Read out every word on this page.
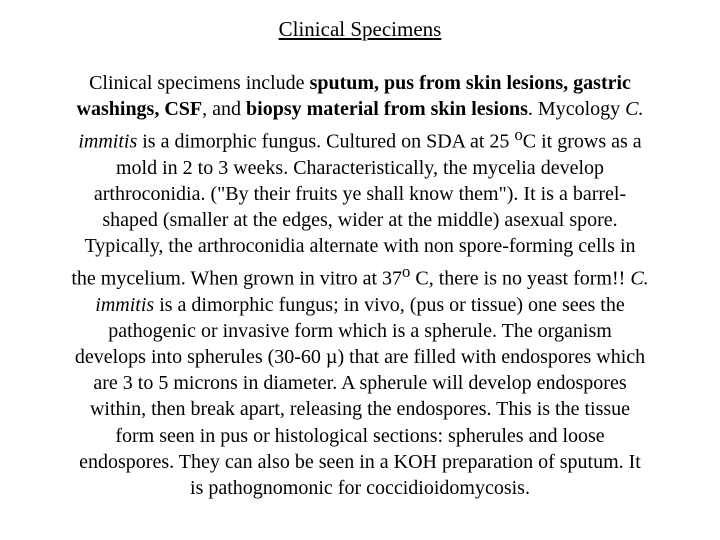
Clinical Specimens
Clinical specimens include sputum, pus from skin lesions, gastric
washings, CSF, and biopsy material from skin lesions. Mycology C.
immitis is a dimorphic fungus. Cultured on SDA at 25 $^o$C it grows as a
mold in 2 to 3 weeks. Characteristically, the mycelia develop
arthroconidia. ("By their fruits ye shall know them"). It is a barrel-
shaped (smaller at the edges, wider at the middle) asexual spore.
Typically, the arthroconidia alternate with non spore-forming cells in
the mycelium. When grown in vitro at 37$^o$ C, there is no yeast form!! C.
immitis is a dimorphic fungus; in vivo, (pus or tissue) one sees the
pathogenic or invasive form which is a spherule. The organism
develops into spherules (30-60 µ) that are filled with endospores which
are 3 to 5 microns in diameter. A spherule will develop endospores
within, then break apart, releasing the endospores. This is the tissue
form seen in pus or histological sections: spherules and loose
endospores. They can also be seen in a KOH preparation of sputum. It
is pathognomonic for coccidioidomycosis.
